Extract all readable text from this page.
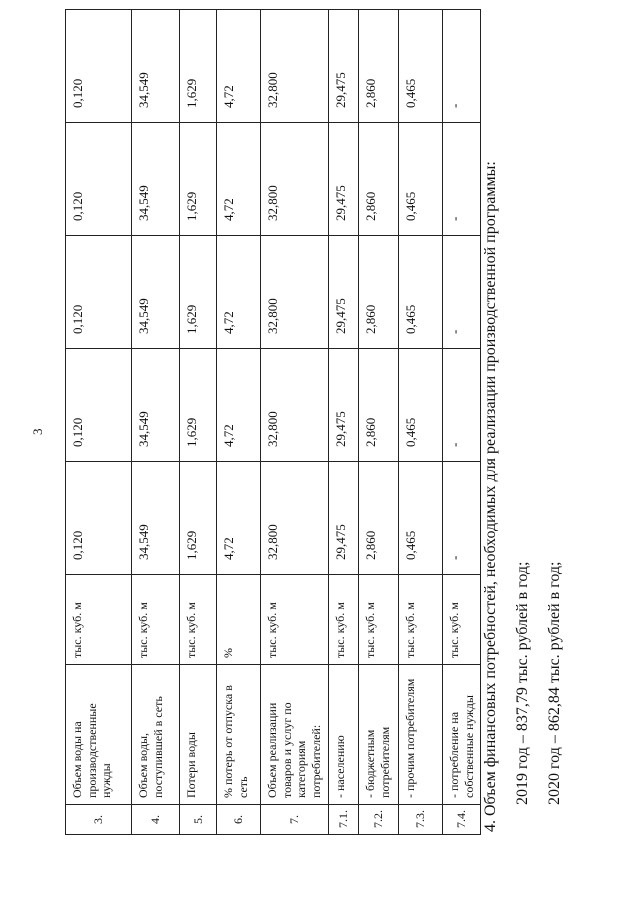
3
3.	Объем воды на производственные нужды	тыс. куб. м	0,120	0,120	0,120	0,120	0,120
4.	Объем воды, поступившей в сеть	тыс. куб. м	34,549	34,549	34,549	34,549	34,549
5.	Потери воды	тыс. куб. м	1,629	1,629	1,629	1,629	1,629
6.	% потерь от отпуска в сеть	%	4,72	4,72	4,72	4,72	4,72
7.	Объем реализации товаров и услуг по категориям потребителей:	тыс. куб. м	32,800	32,800	32,800	32,800	32,800
7.1.	- населению	тыс. куб. м	29,475	29,475	29,475	29,475	29,475
7.2.	- бюджетным потребителям	тыс. куб. м	2,860	2,860	2,860	2,860	2,860
7.3.	- прочим потребителям	тыс. куб. м	0,465	0,465	0,465	0,465	0,465
7.4.	- потребление на собственные нужды	тыс. куб. м	-	-	-	-	-
4. Объем финансовых потребностей, необходимых для реализации производственной программы: 2019 год – 837,79 тыс. рублей в год; 2020 год – 862,84 тыс. рублей в год;
